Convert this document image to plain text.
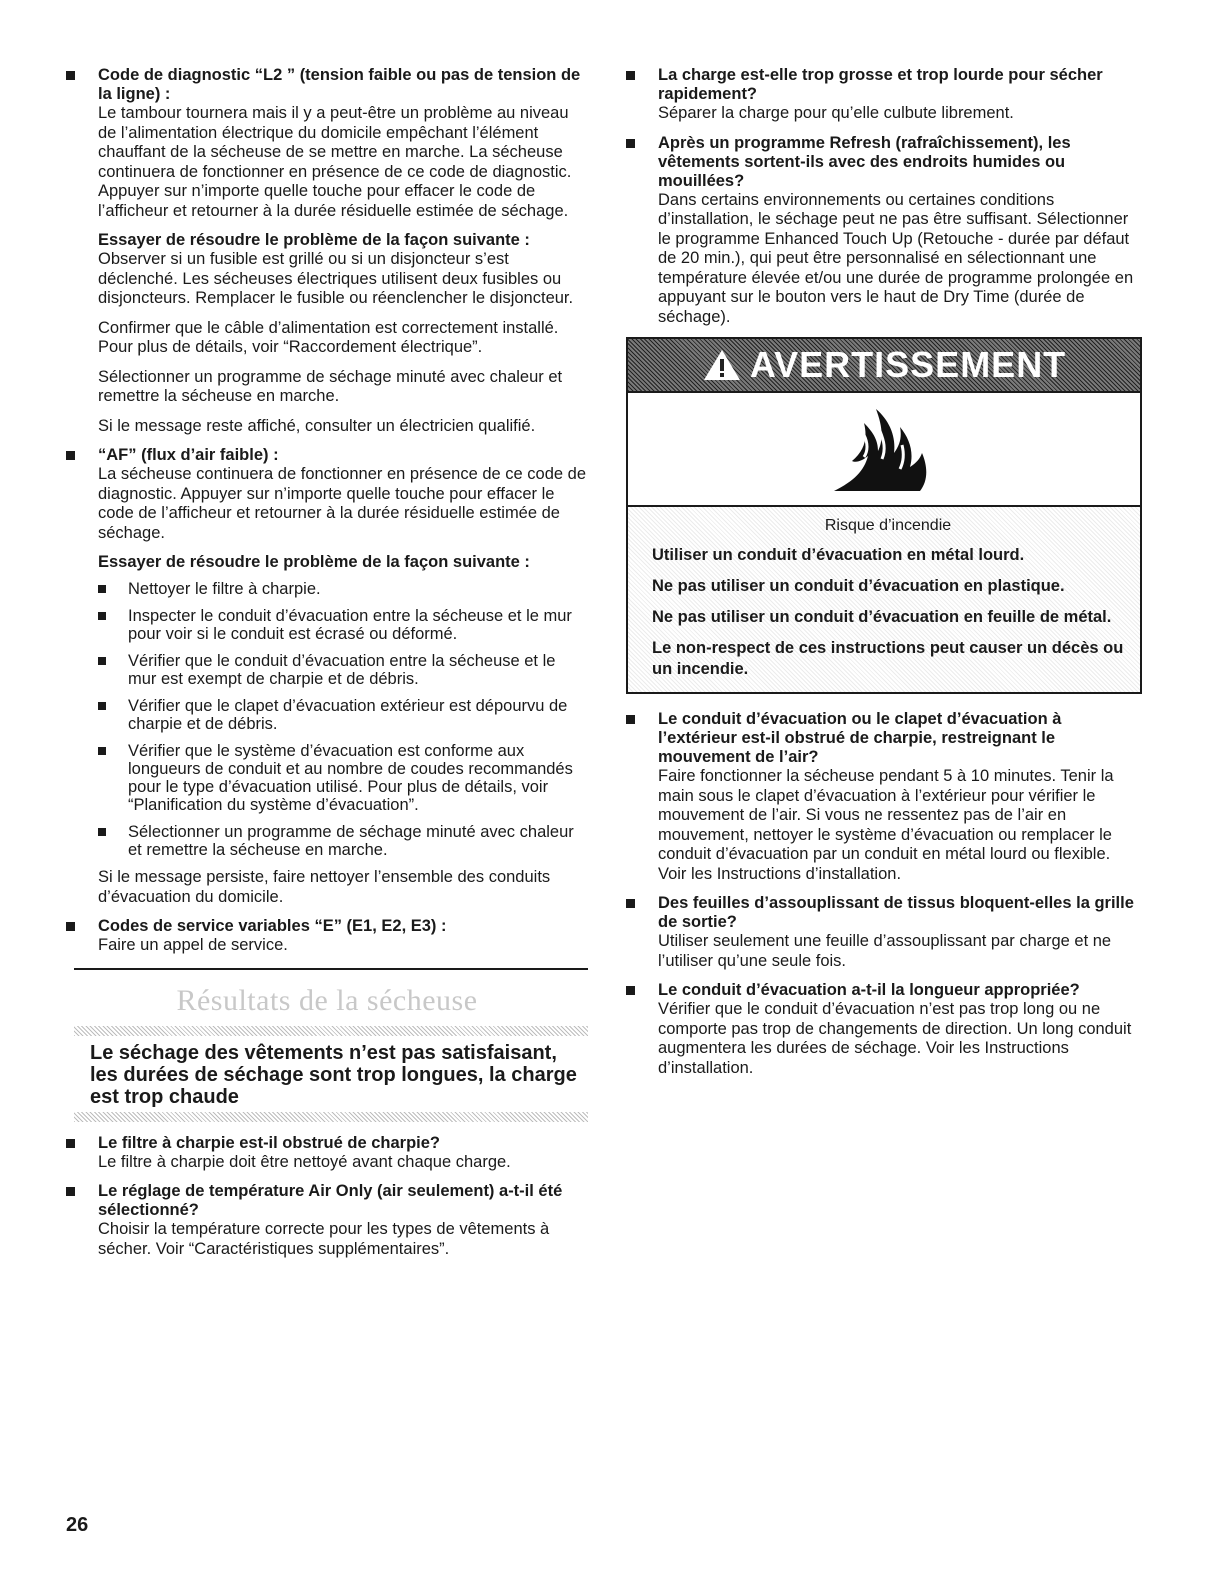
Code de diagnostic “L2 ” (tension faible ou pas de tension de la ligne) :
Le tambour tournera mais il y a peut-être un problème au niveau de l’alimentation électrique du domicile empêchant l’élément chauffant de la sécheuse de se mettre en marche. La sécheuse continuera de fonctionner en présence de ce code de diagnostic. Appuyer sur n’importe quelle touche pour effacer le code de l’afficheur et retourner à la durée résiduelle estimée de séchage.
Essayer de résoudre le problème de la façon suivante :
Observer si un fusible est grillé ou si un disjoncteur s’est déclenché. Les sécheuses électriques utilisent deux fusibles ou disjoncteurs. Remplacer le fusible ou réenclencher le disjoncteur.
Confirmer que le câble d’alimentation est correctement installé. Pour plus de détails, voir “Raccordement électrique”.
Sélectionner un programme de séchage minuté avec chaleur et remettre la sécheuse en marche.
Si le message reste affiché, consulter un électricien qualifié.
“AF” (flux d’air faible) :
La sécheuse continuera de fonctionner en présence de ce code de diagnostic. Appuyer sur n’importe quelle touche pour effacer le code de l’afficheur et retourner à la durée résiduelle estimée de séchage.
Essayer de résoudre le problème de la façon suivante :
Nettoyer le filtre à charpie.
Inspecter le conduit d’évacuation entre la sécheuse et le mur pour voir si le conduit est écrasé ou déformé.
Vérifier que le conduit d’évacuation entre la sécheuse et le mur est exempt de charpie et de débris.
Vérifier que le clapet d’évacuation extérieur est dépourvu de charpie et de débris.
Vérifier que le système d’évacuation est conforme aux longueurs de conduit et au nombre de coudes recommandés pour le type d’évacuation utilisé. Pour plus de détails, voir “Planification du système d’évacuation”.
Sélectionner un programme de séchage minuté avec chaleur et remettre la sécheuse en marche.
Si le message persiste, faire nettoyer l’ensemble des conduits d’évacuation du domicile.
Codes de service variables “E” (E1, E2, E3) :
Faire un appel de service.
Résultats de la sécheuse
Le séchage des vêtements n’est pas satisfaisant, les durées de séchage sont trop longues, la charge est trop chaude
Le filtre à charpie est-il obstrué de charpie?
Le filtre à charpie doit être nettoyé avant chaque charge.
Le réglage de température Air Only (air seulement) a-t-il été sélectionné?
Choisir la température correcte pour les types de vêtements à sécher. Voir “Caractéristiques supplémentaires”.
La charge est-elle trop grosse et trop lourde pour sécher rapidement?
Séparer la charge pour qu’elle culbute librement.
Après un programme Refresh (rafraîchissement), les vêtements sortent-ils avec des endroits humides ou mouillées?
Dans certains environnements ou certaines conditions d’installation, le séchage peut ne pas être suffisant. Sélectionner le programme Enhanced Touch Up (Retouche - durée par défaut de 20 min.), qui peut être personnalisé en sélectionnant une température élevée et/ou une durée de programme prolongée en appuyant sur le bouton vers le haut de Dry Time (durée de séchage).
AVERTISSEMENT
Risque d’incendie
Utiliser un conduit d’évacuation en métal lourd.
Ne pas utiliser un conduit d’évacuation en plastique.
Ne pas utiliser un conduit d’évacuation en feuille de métal.
Le non-respect de ces instructions peut causer un décès ou un incendie.
Le conduit d’évacuation ou le clapet d’évacuation à l’extérieur est-il obstrué de charpie, restreignant le mouvement de l’air?
Faire fonctionner la sécheuse pendant 5 à 10 minutes. Tenir la main sous le clapet d’évacuation à l’extérieur pour vérifier le mouvement de l’air. Si vous ne ressentez pas de l’air en mouvement, nettoyer le système d’évacuation ou remplacer le conduit d’évacuation par un conduit en métal lourd ou flexible. Voir les Instructions d’installation.
Des feuilles d’assouplissant de tissus bloquent-elles la grille de sortie?
Utiliser seulement une feuille d’assouplissant par charge et ne l’utiliser qu’une seule fois.
Le conduit d’évacuation a-t-il la longueur appropriée?
Vérifier que le conduit d’évacuation n’est pas trop long ou ne comporte pas trop de changements de direction. Un long conduit augmentera les durées de séchage. Voir les Instructions d’installation.
26
